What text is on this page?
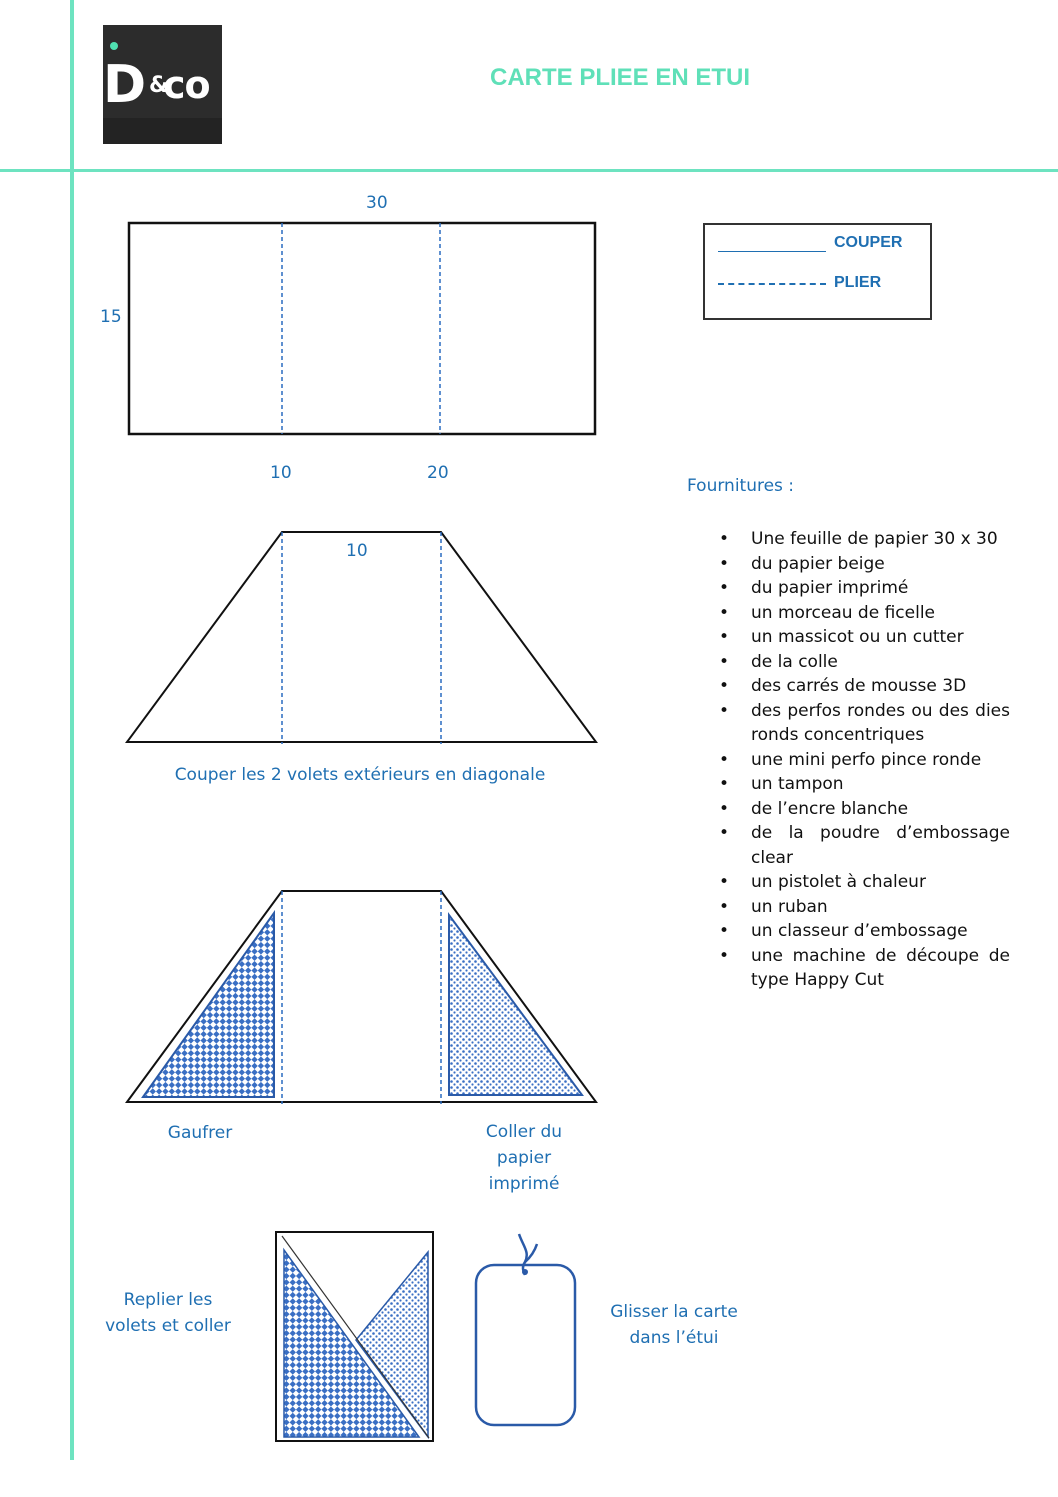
D &
co	CARTE PLIEE EN ETUI
30
15
10	20
COUPER
PLIER
10
Couper les 2 volets extérieurs en diagonale
Gaufrer	Coller du
papier
imprimé
Replier les
volets et coller
Glisser la carte
dans l’étui
Fournitures :
• Une feuille de papier 30 x 30
• du papier beige
• du papier imprimé
• un morceau de ficelle
• un massicot ou un cutter
• de la colle
• des carrés de mousse 3D
• des perfos rondes ou des dies ronds concentriques
• une mini perfo pince ronde
• un tampon
• de l’encre blanche
• de la poudre d’embossage clear
• un pistolet à chaleur
• un ruban
• un classeur d’embossage
• une machine de découpe de type Happy Cut
